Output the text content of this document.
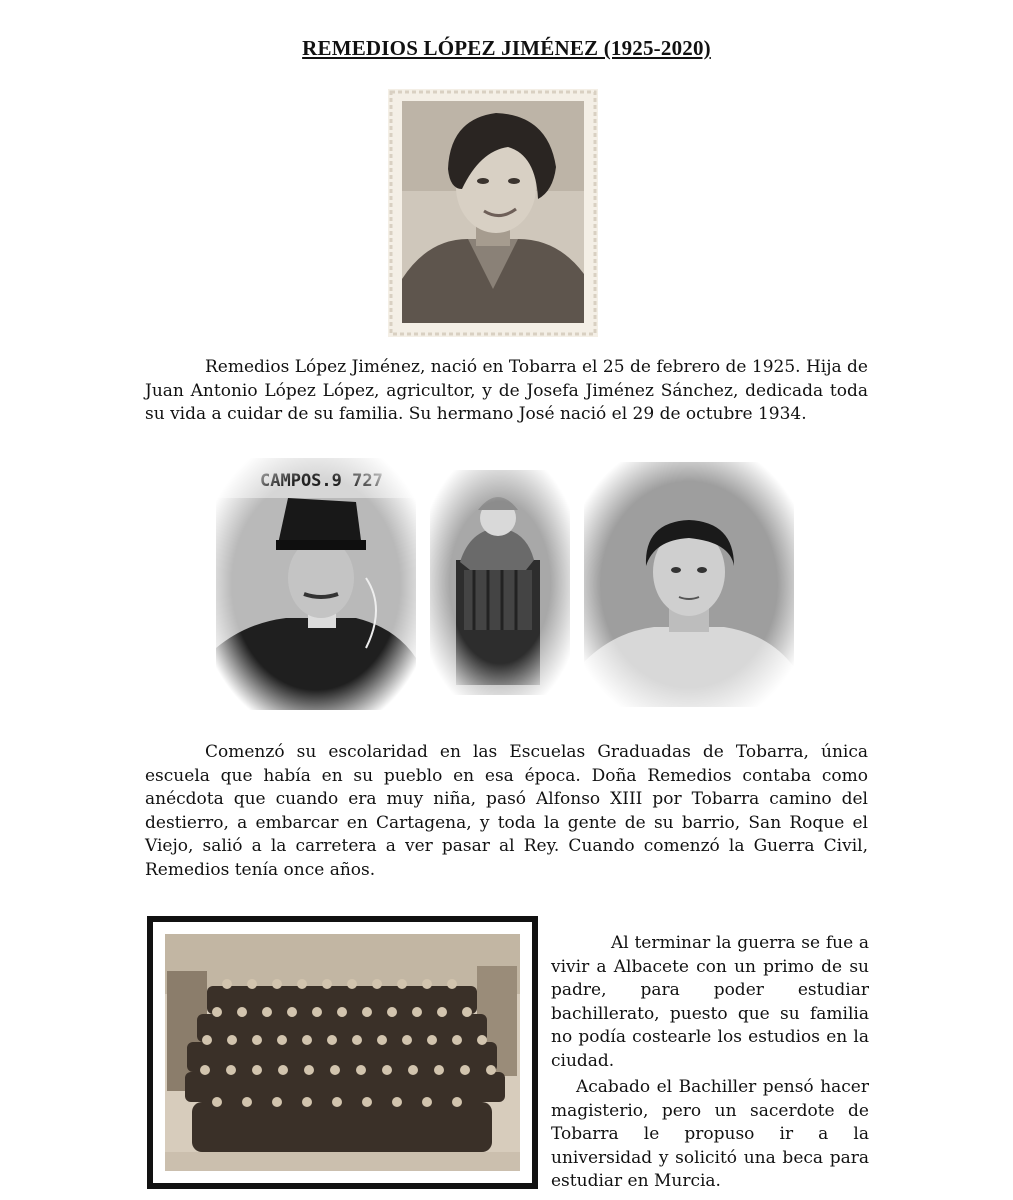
REMEDIOS LÓPEZ JIMÉNEZ (1925-2020)

Remedios López Jiménez, nació en Tobarra el 25 de febrero de 1925. Hija de Juan Antonio López López, agricultor, y de Josefa Jiménez Sánchez, dedicada toda su vida a cuidar de su familia. Su hermano José nació el 29 de octubre 1934.

Comenzó su escolaridad en las Escuelas Graduadas de Tobarra, única escuela que había en su pueblo en esa época. Doña Remedios contaba como anécdota que cuando era muy niña, pasó Alfonso XIII por Tobarra camino del destierro, a embarcar en Cartagena, y toda la gente de su barrio, San Roque el Viejo, salió a la carretera a ver pasar al Rey. Cuando comenzó la Guerra Civil, Remedios tenía once años.

Al terminar la guerra se fue a vivir a Albacete con un primo de su padre, para poder estudiar bachillerato, puesto que su familia no podía costearle los estudios en la ciudad.

Acabado el Bachiller pensó hacer magisterio, pero un sacerdote de Tobarra le propuso ir a la universidad y solicitó una beca para estudiar en Murcia.
